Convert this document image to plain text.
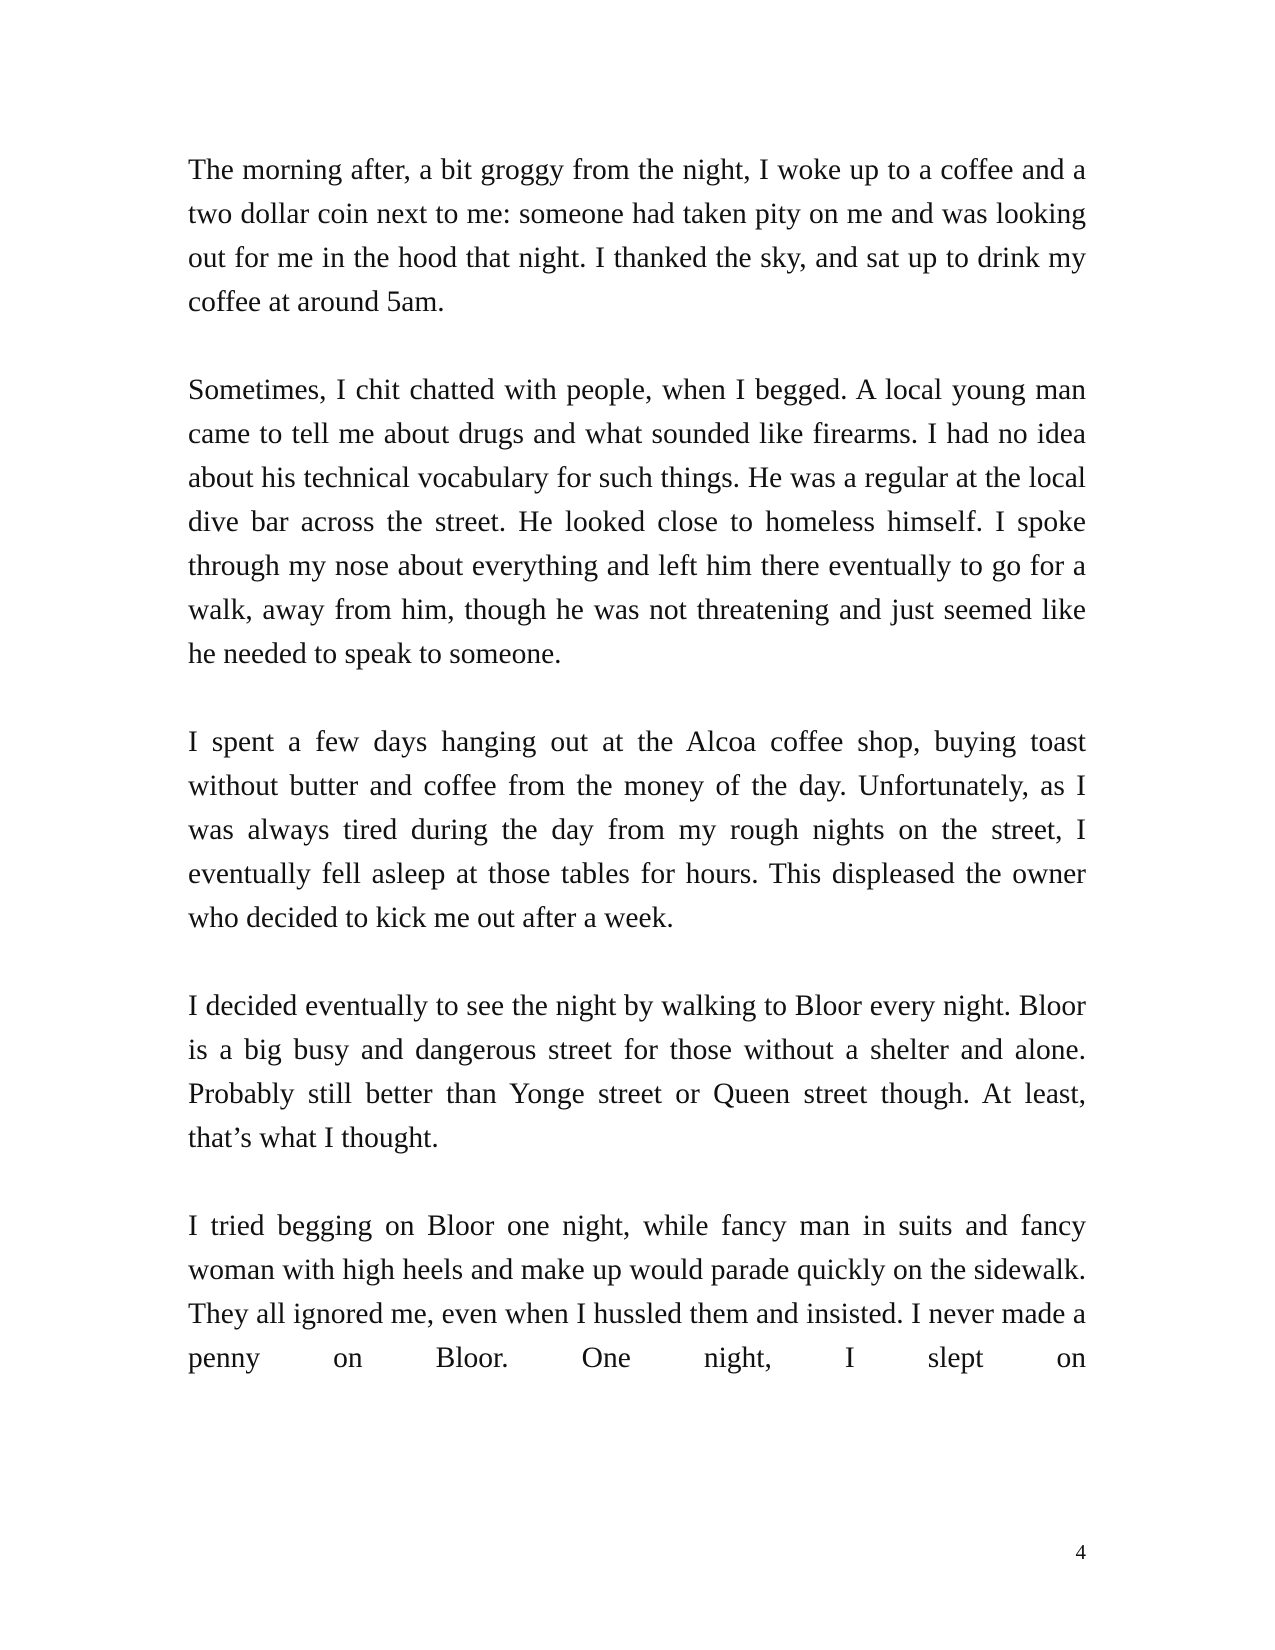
The morning after, a bit groggy from the night, I woke up to a coffee and a two dollar coin next to me: someone had taken pity on me and was looking out for me in the hood that night. I thanked the sky, and sat up to drink my coffee at around 5am.

Sometimes, I chit chatted with people, when I begged. A local young man came to tell me about drugs and what sounded like firearms. I had no idea about his technical vocabulary for such things. He was a regular at the local dive bar across the street. He looked close to homeless himself. I spoke through my nose about everything and left him there eventually to go for a walk, away from him, though he was not threatening and just seemed like he needed to speak to someone.

I spent a few days hanging out at the Alcoa coffee shop, buying toast without butter and coffee from the money of the day. Unfortunately, as I was always tired during the day from my rough nights on the street, I eventually fell asleep at those tables for hours. This displeased the owner who decided to kick me out after a week.

I decided eventually to see the night by walking to Bloor every night. Bloor is a big busy and dangerous street for those without a shelter and alone. Probably still better than Yonge street or Queen street though. At least, that’s what I thought.

I tried begging on Bloor one night, while fancy man in suits and fancy woman with high heels and make up would parade quickly on the sidewalk. They all ignored me, even when I hussled them and insisted. I never made a penny on Bloor. One night, I slept on

4
